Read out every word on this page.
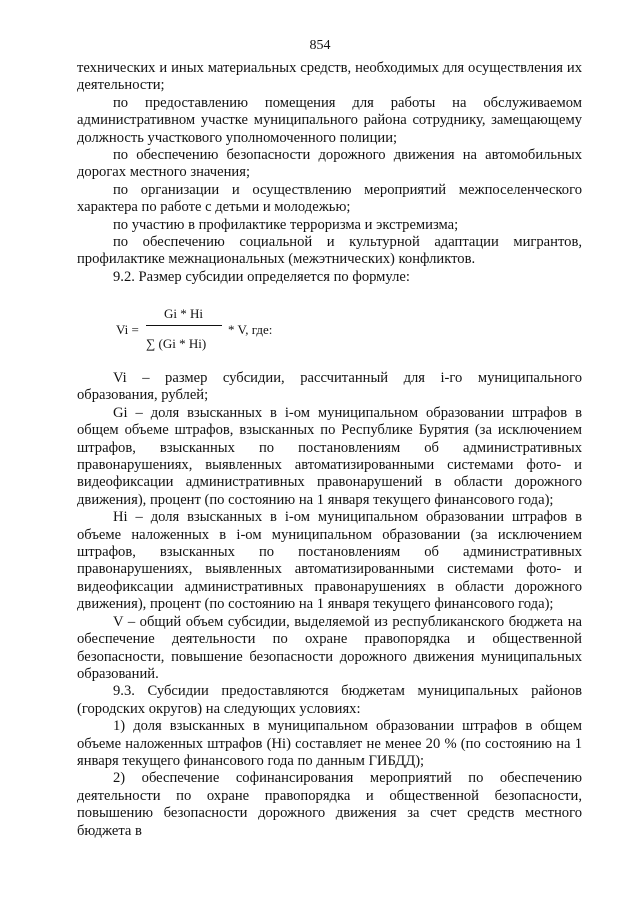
854

технических и иных материальных средств, необходимых для осуществления их деятельности;

по предоставлению помещения для работы на обслуживаемом административном участке муниципального района сотруднику, замещающему должность участкового уполномоченного полиции;

по обеспечению безопасности дорожного движения на автомобильных дорогах местного значения;

по организации и осуществлению мероприятий межпоселенческого характера по работе с детьми и молодежью;

по участию в профилактике терроризма и экстремизма;

по обеспечению социальной и культурной адаптации мигрантов, профилактике межнациональных (межэтнических) конфликтов.

9.2. Размер субсидии определяется по формуле:

Vi =
Gi * Hi
∑ (Gi * Hi)
* V, где:

Vi – размер субсидии, рассчитанный для i-го муниципального образования, рублей;

Gi – доля взысканных в i-ом муниципальном образовании штрафов в общем объеме штрафов, взысканных по Республике Бурятия (за исключением штрафов, взысканных по постановлениям об административных правонарушениях, выявленных автоматизированными системами фото- и видеофиксации административных правонарушений в области дорожного движения), процент (по состоянию на 1 января текущего финансового года);

Hi – доля взысканных в i-ом муниципальном образовании штрафов в объеме наложенных в i-ом муниципальном образовании (за исключением штрафов, взысканных по постановлениям об административных правонарушениях, выявленных автоматизированными системами фото- и видеофиксации административных правонарушениях в области дорожного движения), процент (по состоянию на 1 января текущего финансового года);

V – общий объем субсидии, выделяемой из республиканского бюджета на обеспечение деятельности по охране правопорядка и общественной безопасности, повышение безопасности дорожного движения муниципальных образований.

9.3. Субсидии предоставляются бюджетам муниципальных районов (городских округов) на следующих условиях:

1) доля взысканных в муниципальном образовании штрафов в общем объеме наложенных штрафов (Hi) составляет не менее 20 % (по состоянию на 1 января текущего финансового года по данным ГИБДД);

2) обеспечение софинансирования мероприятий по обеспечению деятельности по охране правопорядка и общественной безопасности, повышению безопасности дорожного движения за счет средств местного бюджета в
